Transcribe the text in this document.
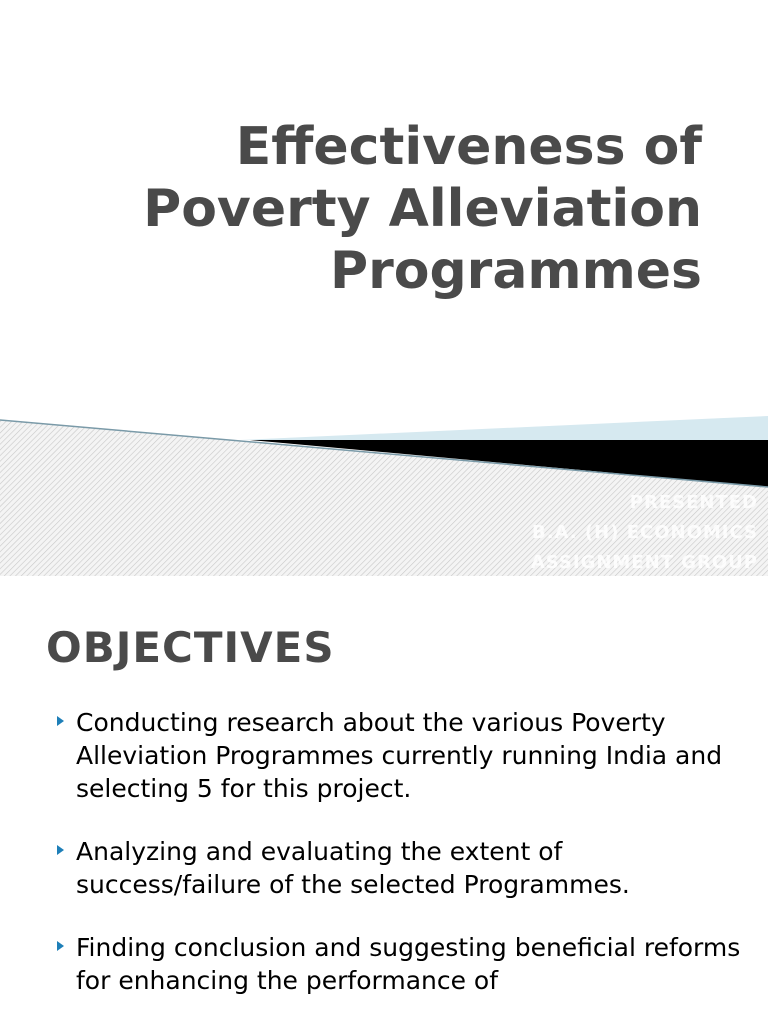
Effectiveness of
Poverty Alleviation
Programmes
PRESENTED
B.A. (H) ECONOMICS
ASSIGNMENT GROUP
OBJECTIVES
Conducting research about the various Poverty Alleviation Programmes currently running India and selecting 5 for this project.
Analyzing and evaluating the extent of success/failure of the selected Programmes.
Finding conclusion and suggesting beneficial reforms for enhancing the performance of
